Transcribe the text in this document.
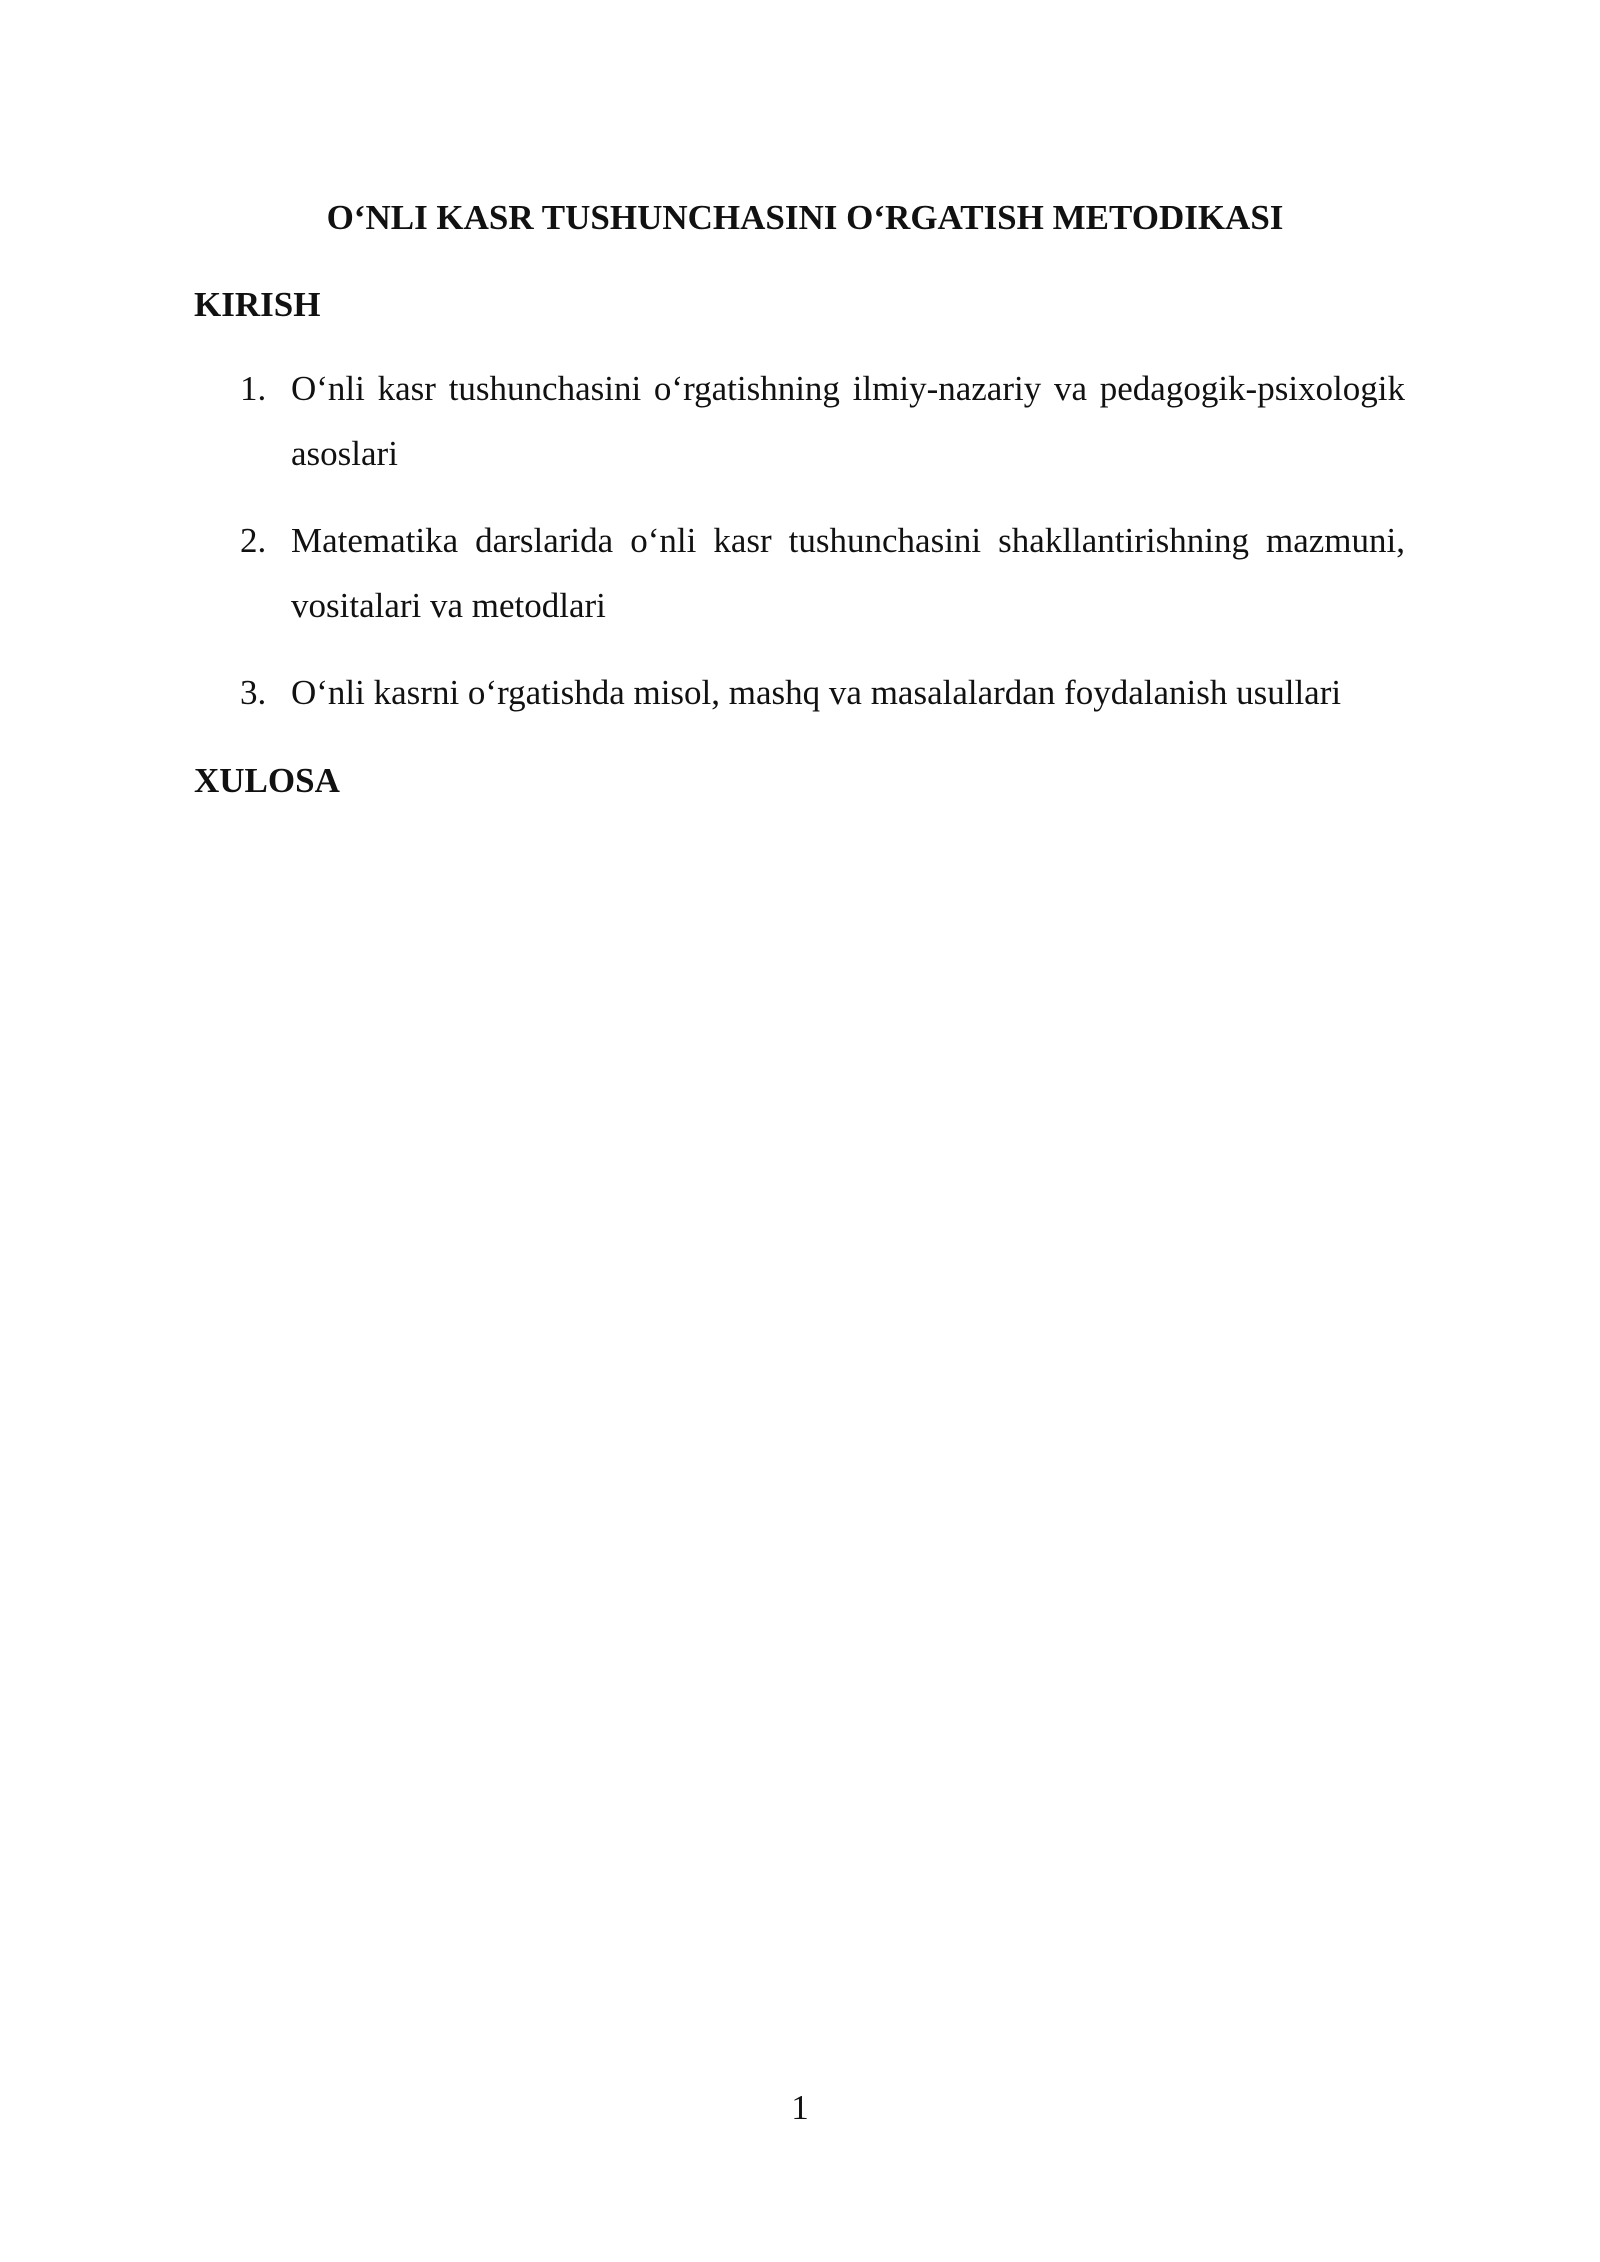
O‘NLI KASR TUSHUNCHASINI O‘RGATISH METODIKASI
KIRISH
1. O‘nli kasr tushunchasini o‘rgatishning ilmiy-nazariy va pedagogik-psixologik asoslari
2. Matematika darslarida o‘nli kasr tushunchasini shakllantirishning mazmuni, vositalari va metodlari
3. O‘nli kasrni o‘rgatishda misol, mashq va masalalardan foydalanish usullari
XULOSA
1
